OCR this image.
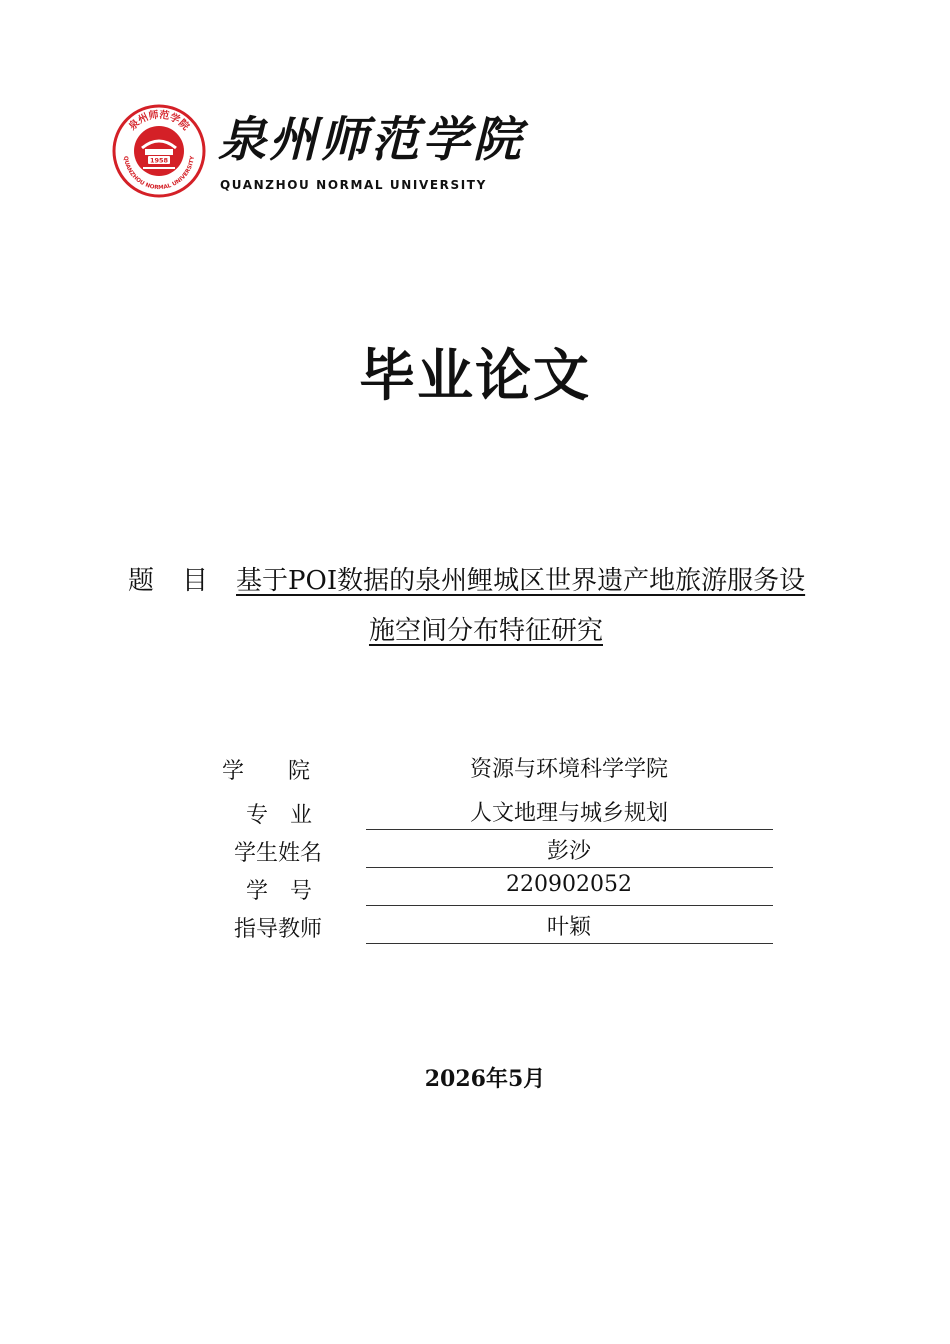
泉州师范学院
QUANZHOU NORMAL UNIVERSITY
1958 泉州师范学院
QUANZHOU NORMAL UNIVERSITY
毕业论文
题目基于POI数据的泉州鲤城区世界遗产地旅游服务设
施空间分布特征研究
学　　院	资源与环境科学学院
专　业	人文地理与城乡规划
学生姓名	彭沙
学　号	220902052
指导教师	叶颖
2026年5月
